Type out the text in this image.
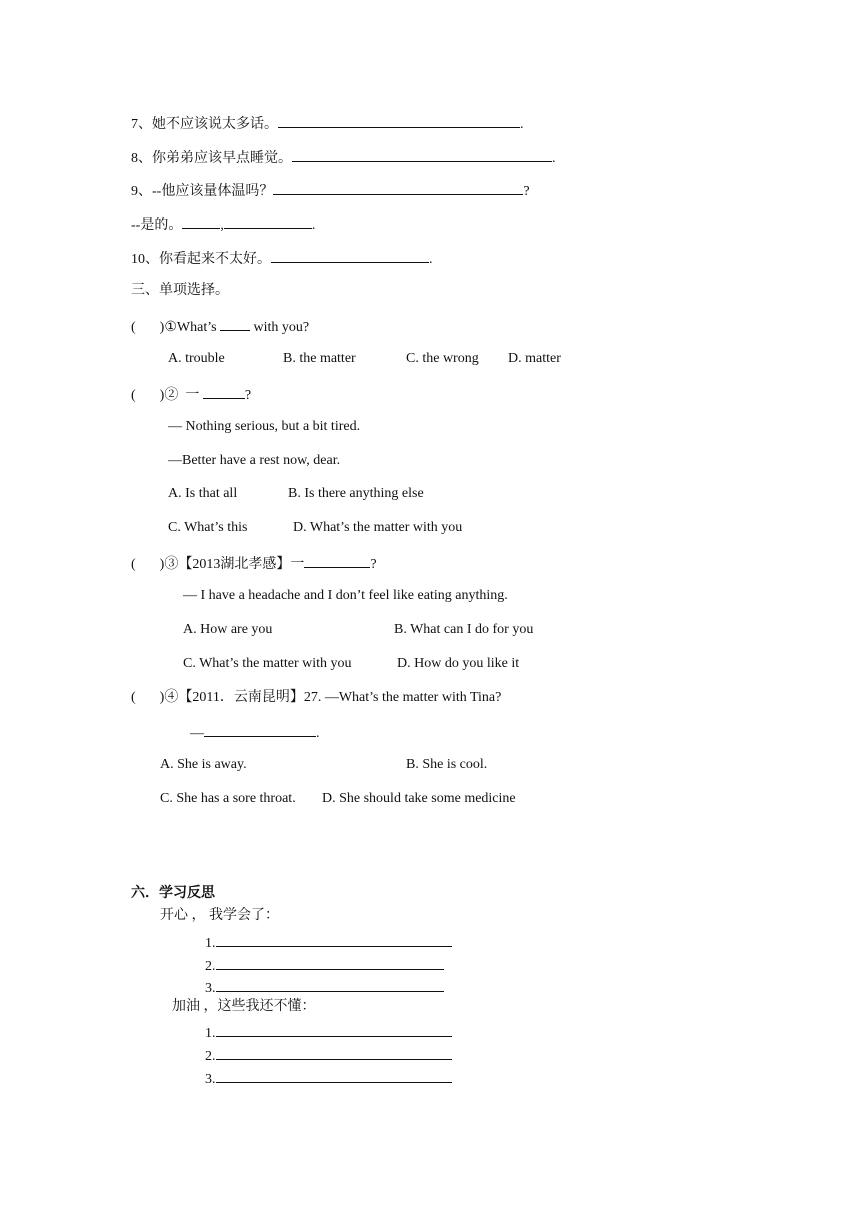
7、她不应该说太多话。	.
8、你弟弟应该早点睡觉。	.
9、--他应该量体温吗？	?
--是的。	,	.
10、你看起来不太好。	.
三、单项选择。
( )①What’s  with you?
A. trouble	B. the matter	C. the wrong D. matter
( )②  一	?
— Nothing serious, but a bit tired.
—Better have a rest now, dear.
A. Is that all	B. Is there anything else
C. What’s this	D. What’s the matter with you
( )③【2013湖北孝感】一	?
— I have a headache and I don’t feel like eating anything.
A. How are you	B. What can I do for you
C. What’s the matter with you	D. How do you like it
( )④【2011．云南昆明】27. —What’s the matter with Tina?
—	.
A. She is away.	B. She is cool.
C. She has a sore throat. D. She should take some medicine
六．学习反思
开心 ， 我学会了：
1.
2.
3.
加油 ，这些我还不懂：
1.
2.
3.
